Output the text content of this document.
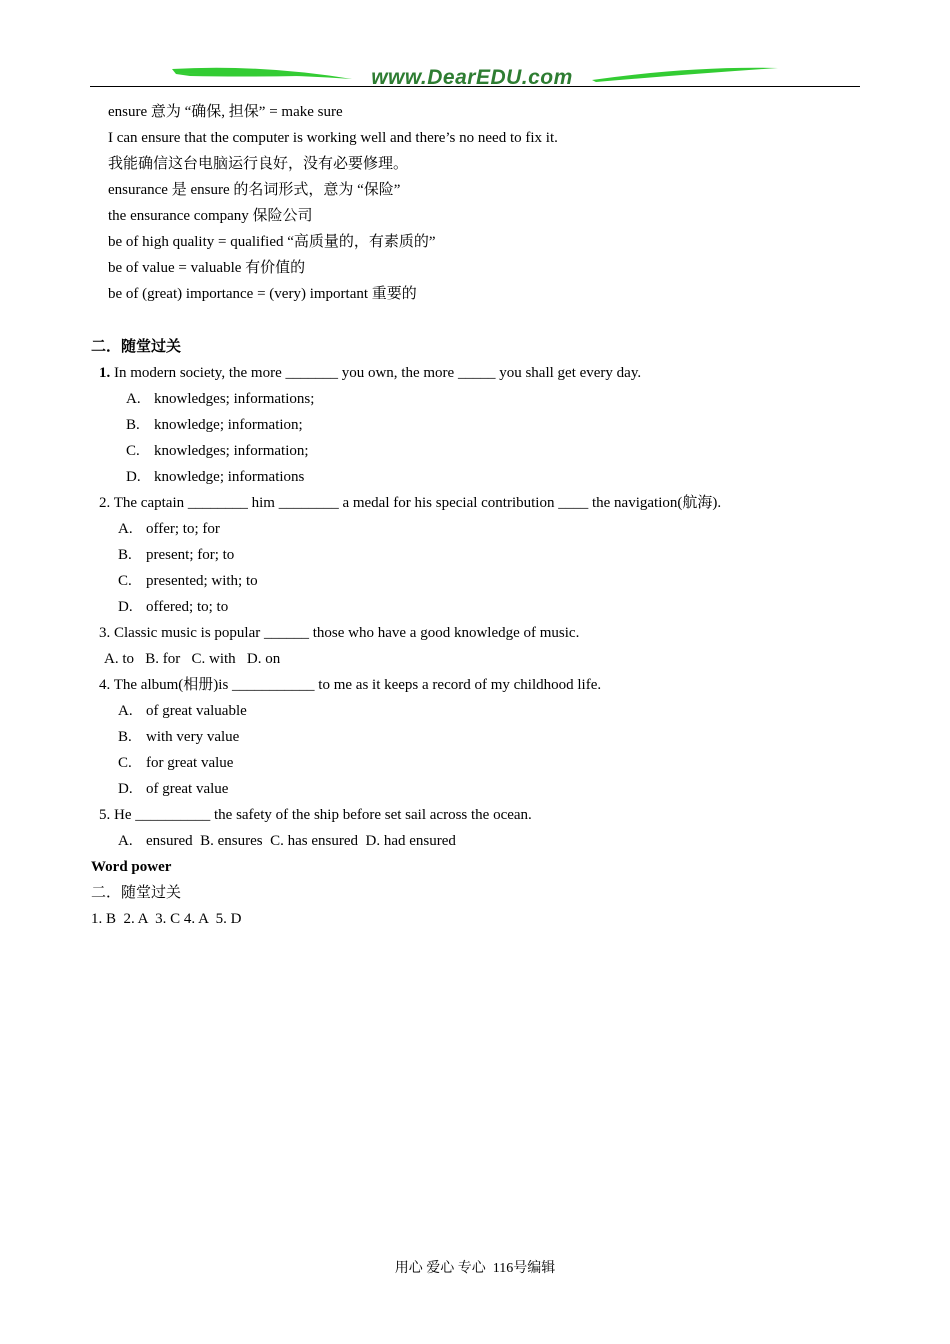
www.DearEDU.com
ensure 意为 “确保, 担保” = make sure
I can ensure that the computer is working well and there’s no need to fix it.
我能确信这台电脑运行良好，没有必要修理。
ensurance 是 ensure 的名词形式，意为 “保险”
the ensurance company 保险公司
be of high quality = qualified “高质量的，有素质的”
be of value = valuable 有价值的
be of (great) importance = (very) important 重要的
二．随堂过关
1. In modern society, the more _______ you own, the more _____ you shall get every day.
A. knowledges; informations;
B. knowledge; information;
C. knowledges; information;
D. knowledge; informations
2. The captain ________ him ________ a medal for his special contribution ____ the navigation(航海).
A. offer; to; for
B. present; for; to
C. presented; with; to
D. offered; to; to
3. Classic music is popular ______ those who have a good knowledge of music.
A. to   B. for   C. with   D. on
4. The album(相册)is ___________ to me as it keeps a record of my childhood life.
A. of great valuable
B. with very value
C. for great value
D. of great value
5. He __________ the safety of the ship before set sail across the ocean.
A. ensured  B. ensures  C. has ensured  D. had ensured
Word power
二．随堂过关
1. B  2. A  3. C 4. A  5. D
用心 爱心 专心  116号编辑
